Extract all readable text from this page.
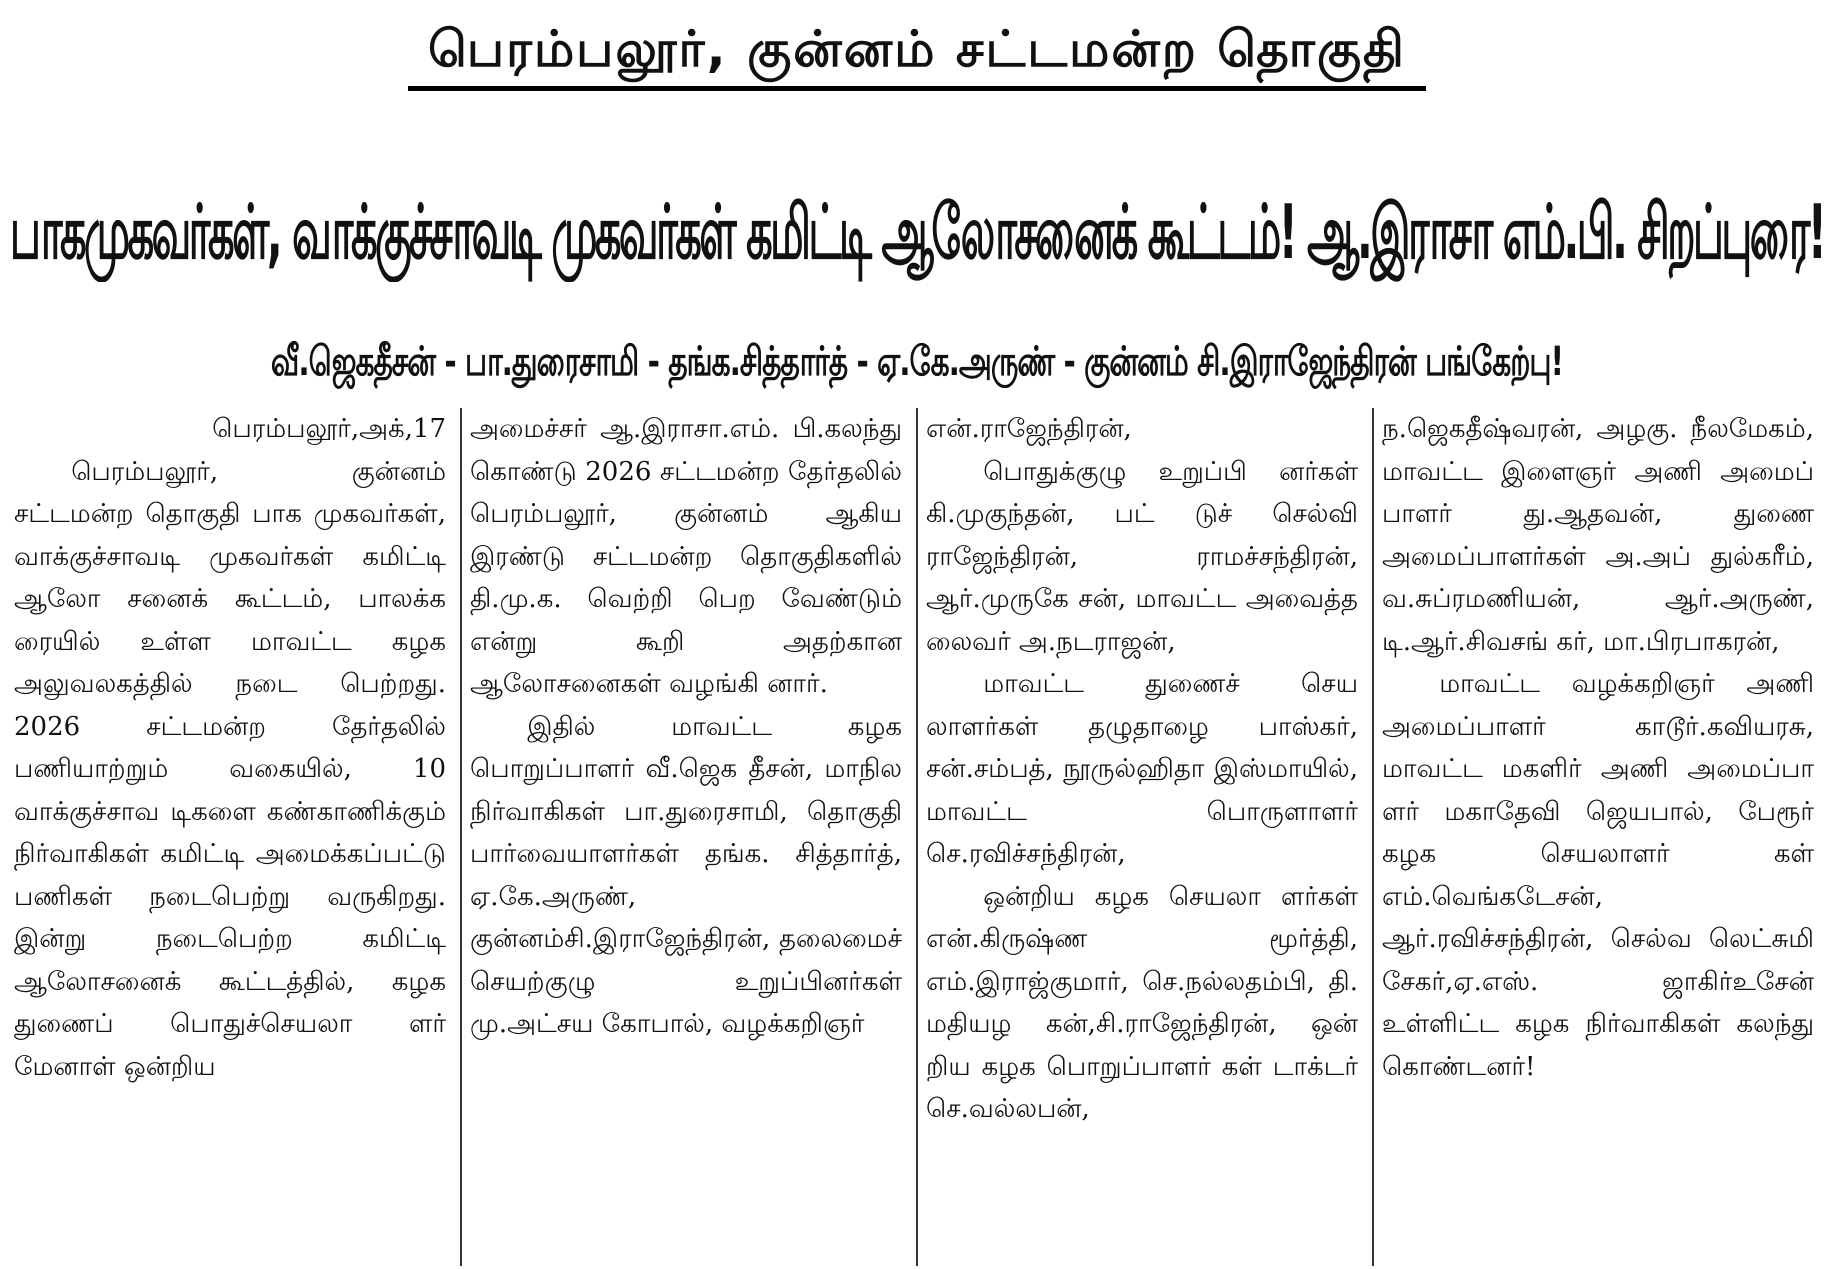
பெரம்பலூர், குன்னம் சட்டமன்ற தொகுதி
பாகமுகவர்கள், வாக்குச்சாவடி முகவர்கள் கமிட்டி ஆலோசனைக் கூட்டம்! ஆ.இராசா எம்.பி. சிறப்புரை!
வீ.ஜெகதீசன் - பா.துரைசாமி - தங்க.சித்தார்த் - ஏ.கே.அருண் - குன்னம் சி.இராஜேந்திரன் பங்கேற்பு!

பெரம்பலூர்,அக்,17

பெரம்பலூர், குன்னம் சட்டமன்ற தொகுதி பாக முகவர்கள், வாக்குச்சாவடி முகவர்கள் கமிட்டி ஆலோ சனைக் கூட்டம், பாலக்க ரையில் உள்ள மாவட்ட கழக அலுவலகத்தில் நடை பெற்றது. 2026 சட்டமன்ற தேர்தலில் பணியாற்றும் வகையில், 10 வாக்குச்சாவ டிகளை கண்காணிக்கும் நிர்வாகிகள் கமிட்டி அமைக்கப்பட்டு பணிகள் நடைபெற்று வருகிறது. இன்று நடைபெற்ற கமிட்டி ஆலோசனைக் கூட்டத்தில், கழக துணைப் பொதுச்செயலா ளர் மேனாள் ஒன்றிய

அமைச்சர் ஆ.இராசா.எம். பி.கலந்து கொண்டு 2026 சட்டமன்ற தேர்தலில் பெரம்பலூர், குன்னம் ஆகிய இரண்டு சட்டமன்ற தொகுதிகளில் தி.மு.க. வெற்றி பெற வேண்டும் என்று கூறி அதற்கான ஆலோசனைகள் வழங்கி னார்.

இதில் மாவட்ட கழக பொறுப்பாளர் வீ.ஜெக தீசன், மாநில நிர்வாகிகள் பா.துரைசாமி, தொகுதி பார்வையாளர்கள் தங்க. சித்தார்த், ஏ.கே.அருண், குன்னம்சி.இராஜேந்திரன், தலைமைச் செயற்குழு உறுப்பினர்கள் மு.அட்சய கோபால், வழக்கறிஞர்

என்.ராஜேந்திரன்,

பொதுக்குழு உறுப்பி னர்கள் கி.முகுந்தன், பட் டுச் செல்வி ராஜேந்திரன், ராமச்சந்திரன், ஆர்.முருகே சன், மாவட்ட அவைத்த லைவர் அ.நடராஜன்,

மாவட்ட துணைச் செய லாளர்கள் தழுதாழை பாஸ்கர், சன்.சம்பத், நூருல்ஹிதா இஸ்மாயில், மாவட்ட பொருளாளர் செ.ரவிச்சந்திரன்,

ஒன்றிய கழக செயலா ளர்கள் என்.கிருஷ்ண மூர்த்தி, எம்.இராஜ்குமார், செ.நல்லதம்பி, தி. மதியழ கன்,சி.ராஜேந்திரன், ஒன் றிய கழக பொறுப்பாளர் கள் டாக்டர் செ.வல்லபன்,

ந.ஜெகதீஷ்வரன், அழகு. நீலமேகம், மாவட்ட இளைஞர் அணி அமைப் பாளர் து.ஆதவன், துணை அமைப்பாளர்கள் அ.அப் துல்கரீம், வ.சுப்ரமணியன், ஆர்.அருண், டி.ஆர்.சிவசங் கர், மா.பிரபாகரன்,

மாவட்ட வழக்கறிஞர் அணி அமைப்பாளர் காடூர்.கவியரசு, மாவட்ட மகளிர் அணி அமைப்பா ளர் மகாதேவி ஜெயபால், பேரூர் கழக செயலாளர் கள் எம்.வெங்கடேசன், ஆர்.ரவிச்சந்திரன், செல்வ லெட்சுமி சேகர்,ஏ.எஸ். ஜாகிர்உசேன் உள்ளிட்ட கழக நிர்வாகிகள் கலந்து கொண்டனர்!
